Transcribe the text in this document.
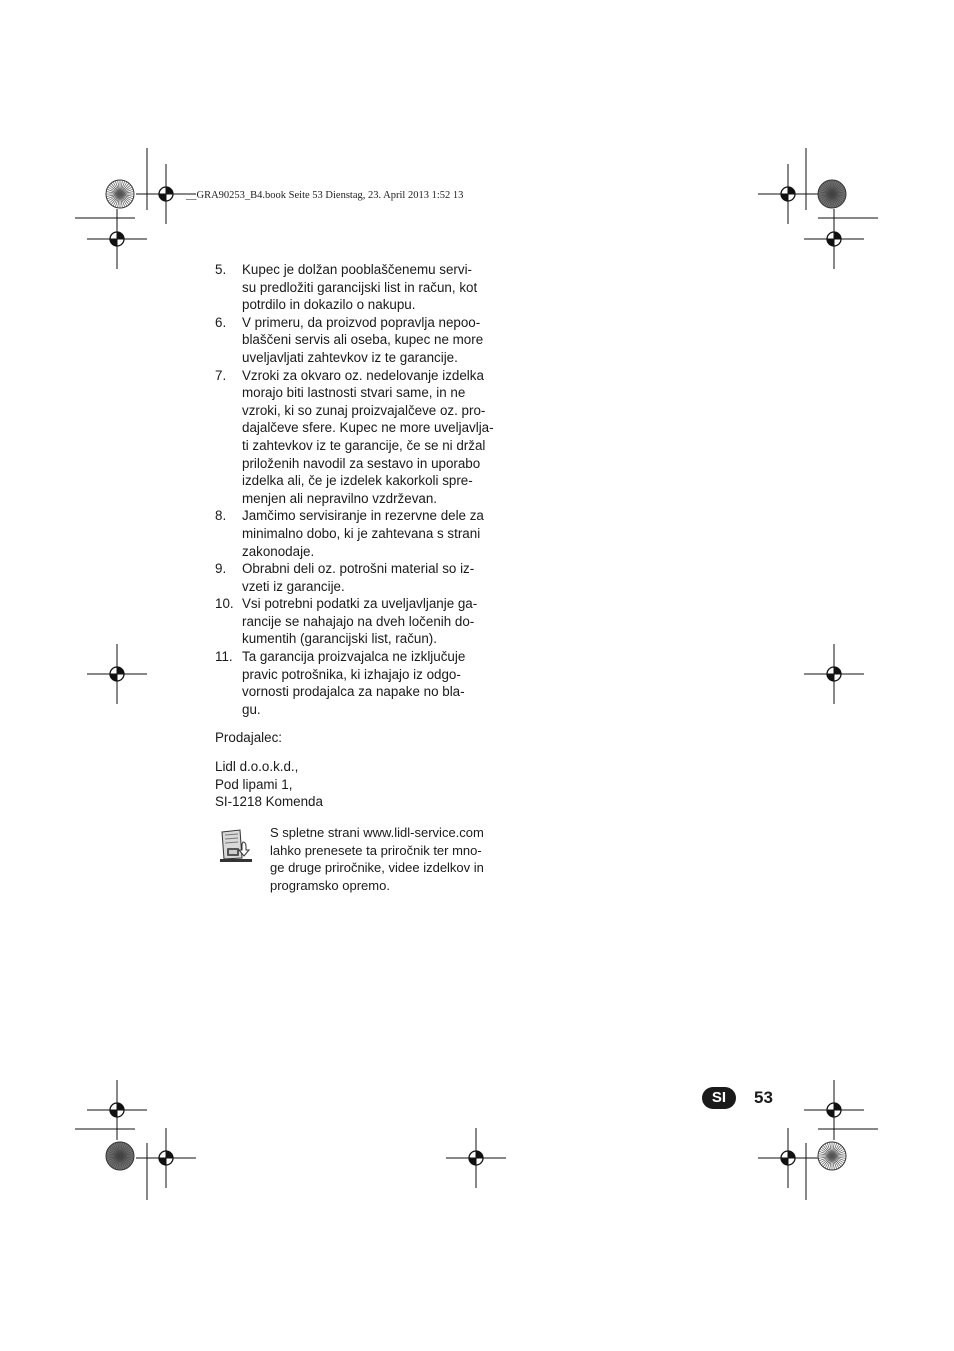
__GRA90253_B4.book Seite 53 Dienstag, 23. April 2013 1:52 13
5. Kupec je dolžan pooblaščenemu servi-
su predložiti garancijski list in račun, kot
potrdilo in dokazilo o nakupu.
6. V primeru, da proizvod popravlja nepoo-
blaščeni servis ali oseba, kupec ne more
uveljavljati zahtevkov iz te garancije.
7. Vzroki za okvaro oz. nedelovanje izdelka
morajo biti lastnosti stvari same, in ne
vzroki, ki so zunaj proizvajalčeve oz. pro-
dajalčeve sfere. Kupec ne more uveljavlja-
ti zahtevkov iz te garancije, če se ni držal
priloženih navodil za sestavo in uporabo
izdelka ali, če je izdelek kakorkoli spre-
menjen ali nepravilno vzdrževan.
8. Jamčimo servisiranje in rezervne dele za
minimalno dobo, ki je zahtevana s strani
zakonodaje.
9. Obrabni deli oz. potrošni material so iz-
vzeti iz garancije.
10. Vsi potrebni podatki za uveljavljanje ga-
rancije se nahajajo na dveh ločenih do-
kumentih (garancijski list, račun).
11. Ta garancija proizvajalca ne izključuje
pravic potrošnika, ki izhajajo iz odgo-
vornosti prodajalca za napake no bla-
gu.
Prodajalec:
Lidl d.o.o.k.d.,
Pod lipami 1,
SI-1218 Komenda
S spletne strani www.lidl-service.com
lahko prenesete ta priročnik ter mno-
ge druge priročnike, videe izdelkov in
programsko opremo.
SI	53
